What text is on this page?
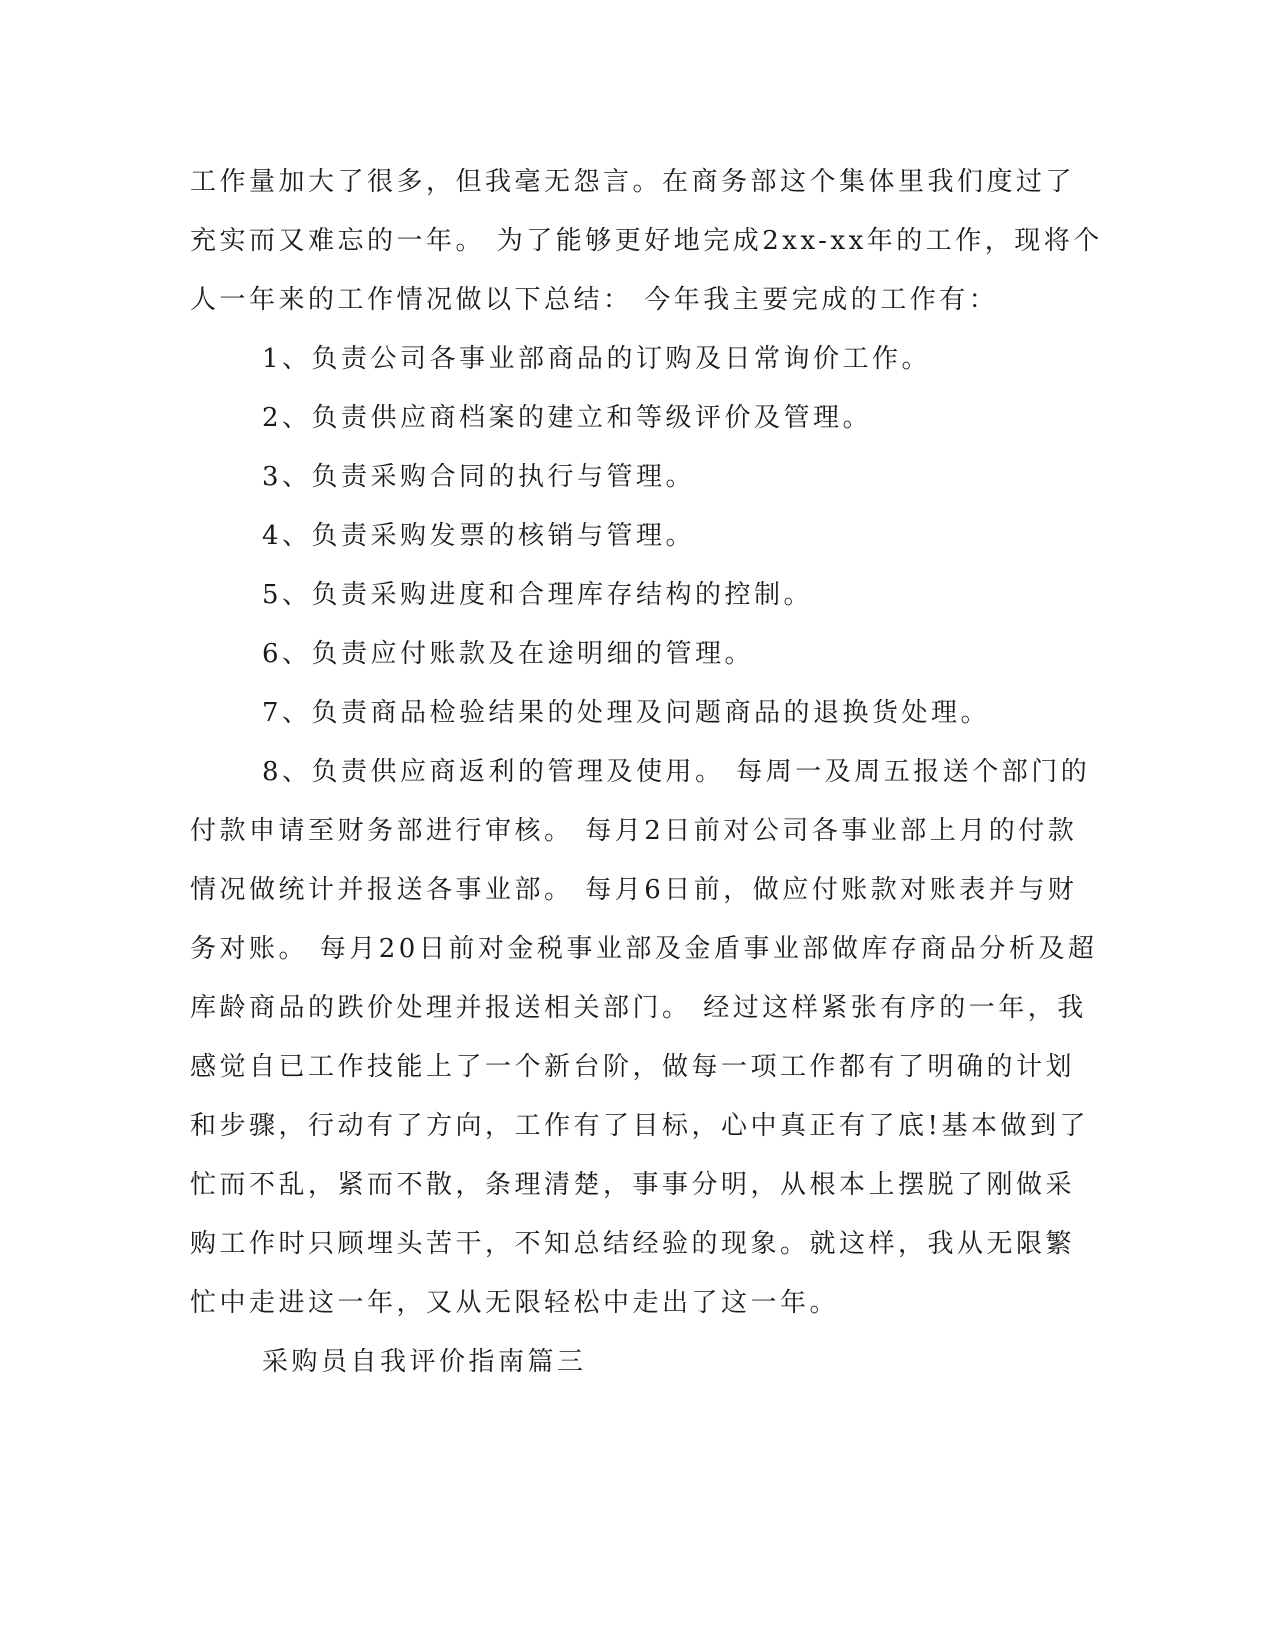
工作量加大了很多，但我毫无怨言。在商务部这个集体里我们度过了
充实而又难忘的一年。 为了能够更好地完成2xx-xx年的工作，现将个
人一年来的工作情况做以下总结： 今年我主要完成的工作有：
1、负责公司各事业部商品的订购及日常询价工作。
2、负责供应商档案的建立和等级评价及管理。
3、负责采购合同的执行与管理。
4、负责采购发票的核销与管理。
5、负责采购进度和合理库存结构的控制。
6、负责应付账款及在途明细的管理。
7、负责商品检验结果的处理及问题商品的退换货处理。
8、负责供应商返利的管理及使用。 每周一及周五报送个部门的
付款申请至财务部进行审核。 每月2日前对公司各事业部上月的付款
情况做统计并报送各事业部。 每月6日前，做应付账款对账表并与财
务对账。 每月20日前对金税事业部及金盾事业部做库存商品分析及超
库龄商品的跌价处理并报送相关部门。 经过这样紧张有序的一年，我
感觉自已工作技能上了一个新台阶，做每一项工作都有了明确的计划
和步骤，行动有了方向，工作有了目标，心中真正有了底!基本做到了
忙而不乱，紧而不散，条理清楚，事事分明，从根本上摆脱了刚做采
购工作时只顾埋头苦干，不知总结经验的现象。就这样，我从无限繁
忙中走进这一年，又从无限轻松中走出了这一年。
采购员自我评价指南篇三
